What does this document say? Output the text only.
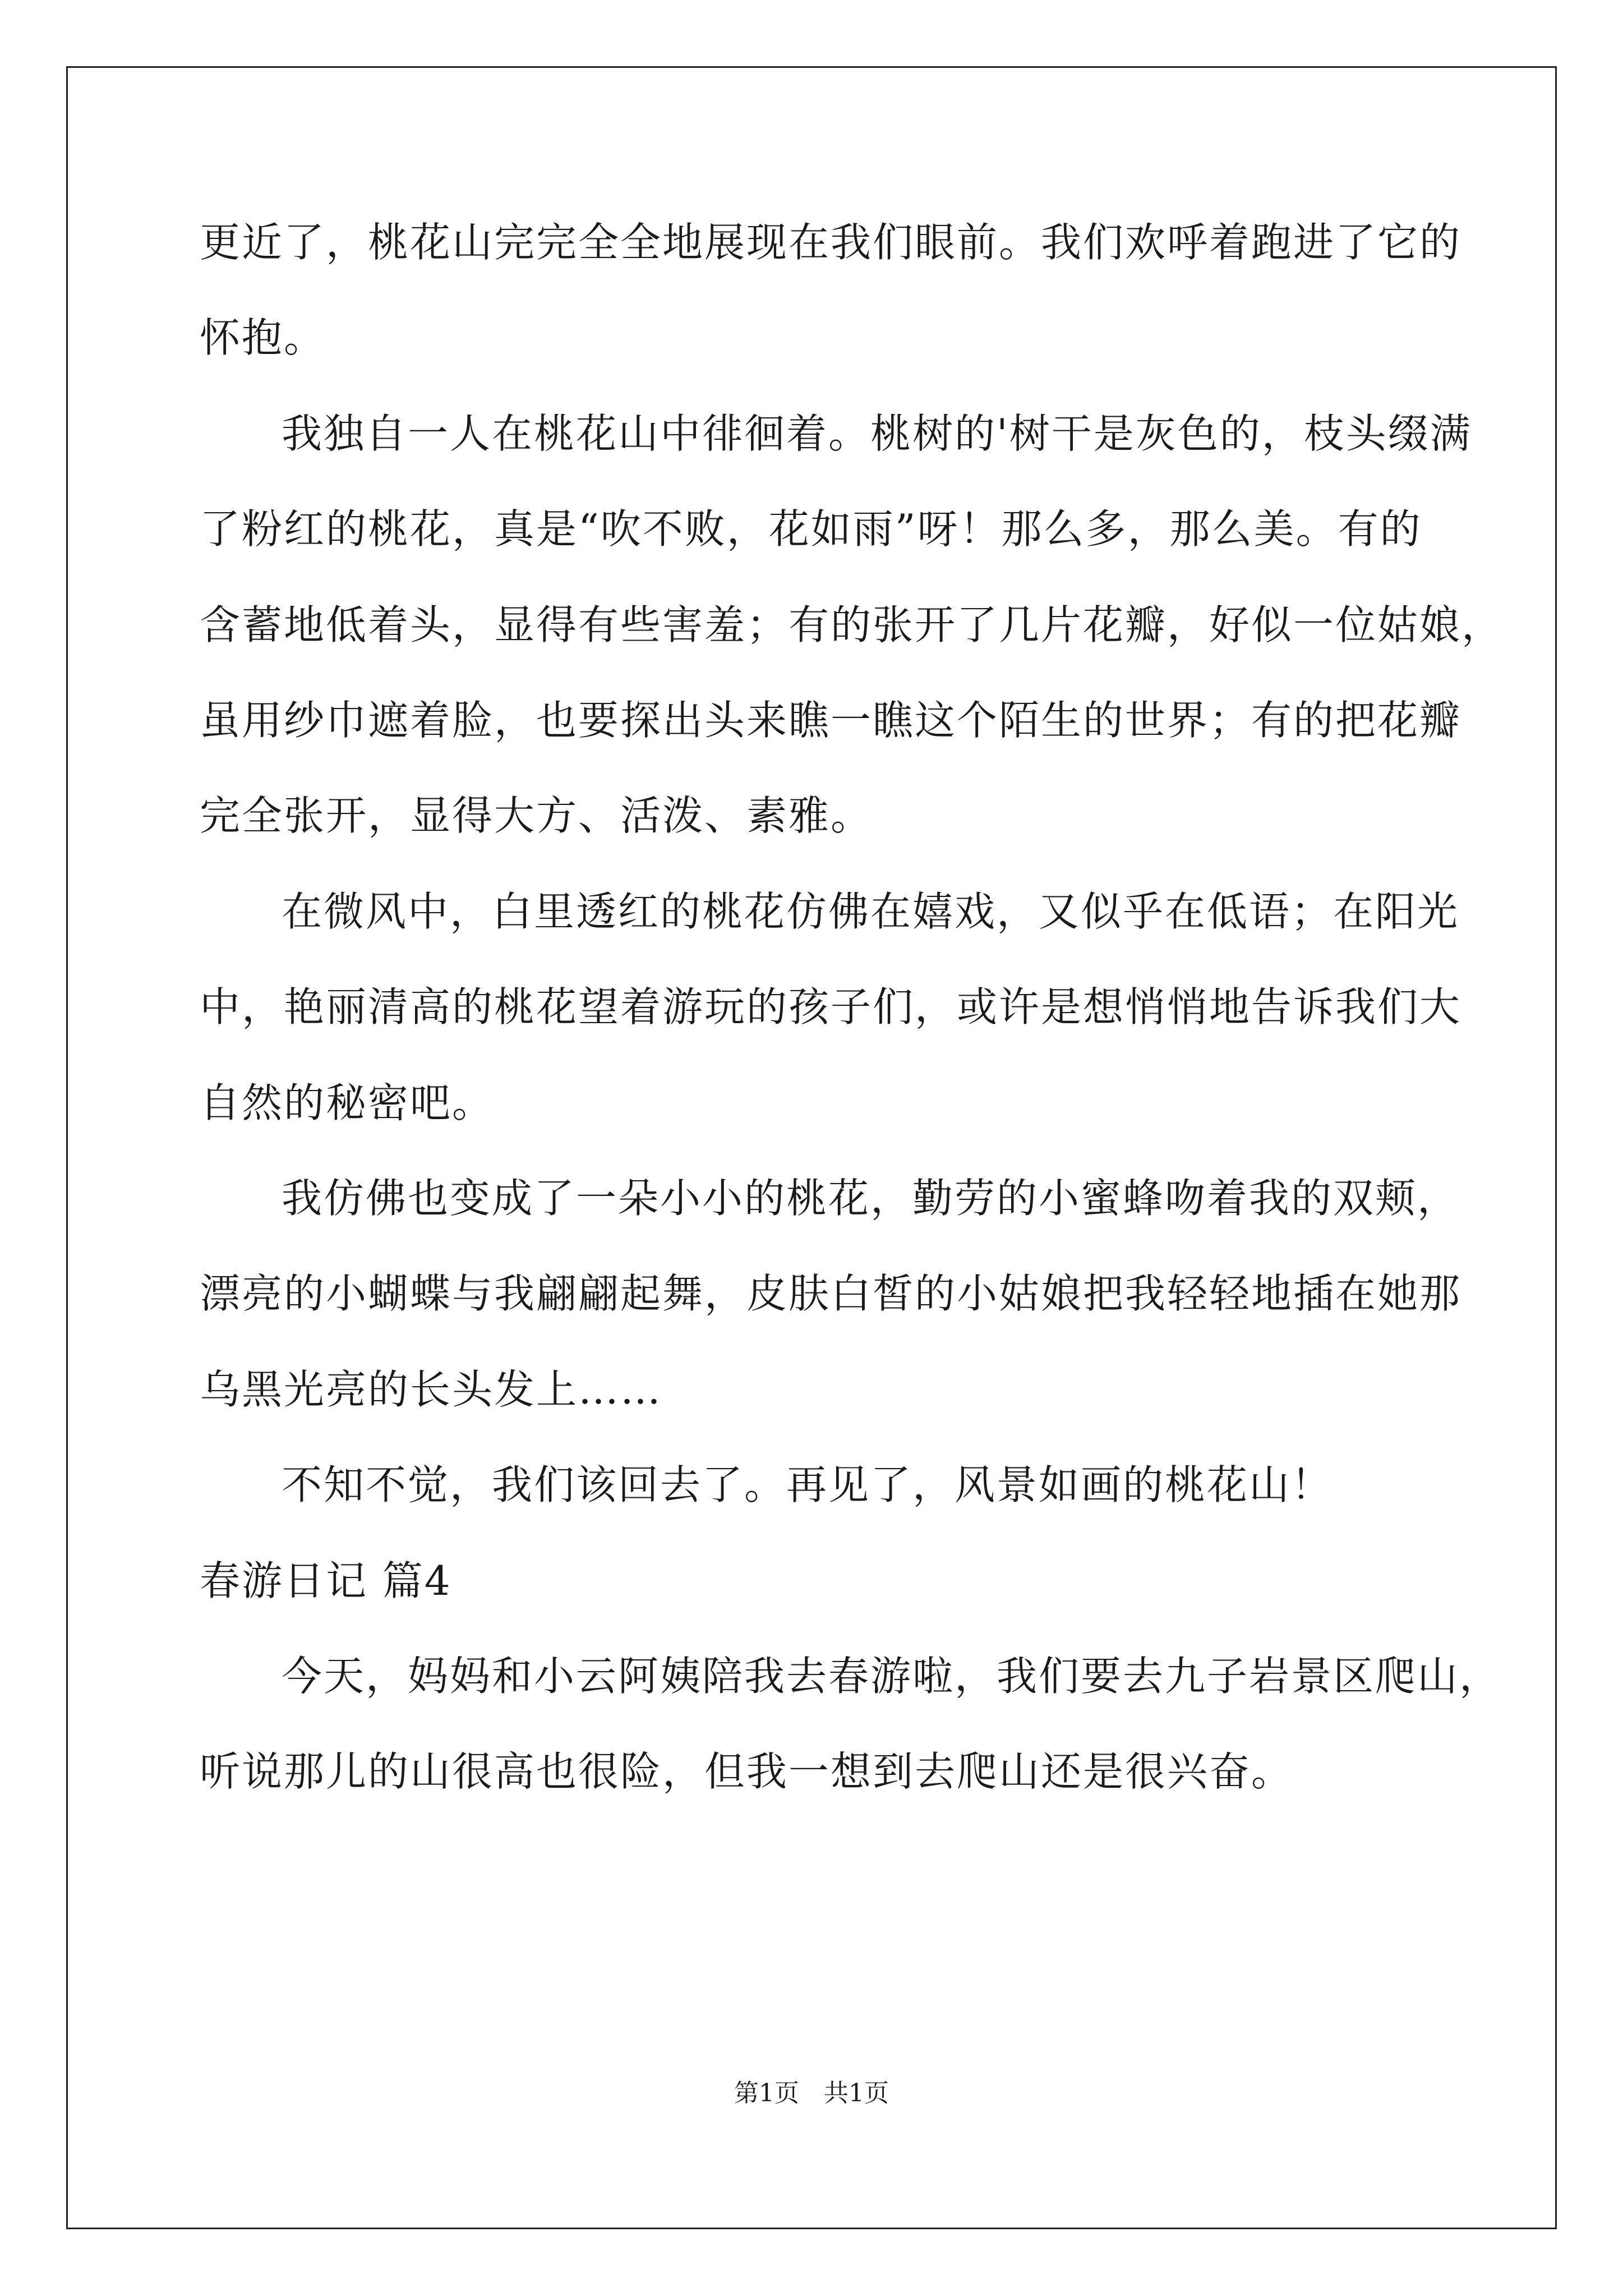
更近了，桃花山完完全全地展现在我们眼前。我们欢呼着跑进了它的
怀抱。
我独自一人在桃花山中徘徊着。桃树的'树干是灰色的，枝头缀满
了粉红的桃花，真是“吹不败，花如雨”呀！那么多，那么美。有的
含蓄地低着头，显得有些害羞；有的张开了几片花瓣，好似一位姑娘，
虽用纱巾遮着脸，也要探出头来瞧一瞧这个陌生的世界；有的把花瓣
完全张开，显得大方、活泼、素雅。
在微风中，白里透红的桃花仿佛在嬉戏，又似乎在低语；在阳光
中，艳丽清高的桃花望着游玩的孩子们，或许是想悄悄地告诉我们大
自然的秘密吧。
我仿佛也变成了一朵小小的桃花，勤劳的小蜜蜂吻着我的双颊，
漂亮的小蝴蝶与我翩翩起舞，皮肤白皙的小姑娘把我轻轻地插在她那
乌黑光亮的长头发上……
不知不觉，我们该回去了。再见了，风景如画的桃花山！
春游日记 篇4
今天，妈妈和小云阿姨陪我去春游啦，我们要去九子岩景区爬山，
听说那儿的山很高也很险，但我一想到去爬山还是很兴奋。
第1页 共1页
